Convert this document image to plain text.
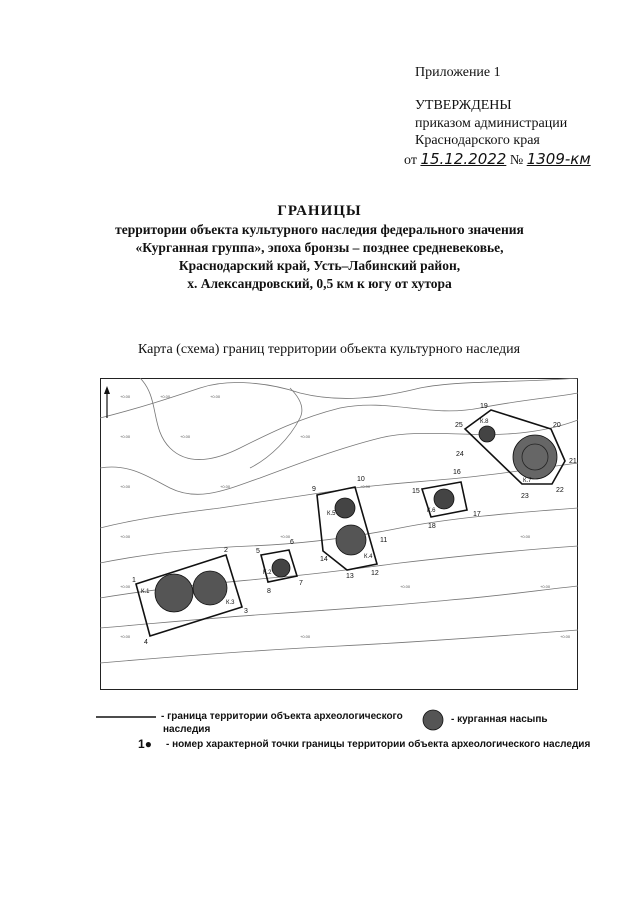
Приложение 1
УТВЕРЖДЕНЫ
приказом администрации
Краснодарского края
от 15.12.2022 № 1309-км
ГРАНИЦЫ
территории объекта культурного наследия федерального значения
«Курганная группа», эпоха бронзы – позднее средневековье,
Краснодарский край, Усть–Лабинский район,
х. Александровский, 0,5 км к югу от хутора
Карта (схема) границ территории объекта культурного наследия
+0.00	+0.00	+0.00
+0.00	+0.00	+0.00
+0.00	+0.00	+0.00
+0.00	+0.00	+0.00
+0.00	+0.00	+0.00
+0.00	+0.00	+0.00
К.1
К.3
К.2
К.5
К.4
К.6
К.7
К.8
1
2
3
4
5
6
7
8
9
10
11
12
13
14
15
16
17
18
19
20
21
22
23
24
25
- граница территории объекта археологического
наследия
- курганная насыпь
1● - номер характерной точки границы территории объекта археологического наследия
